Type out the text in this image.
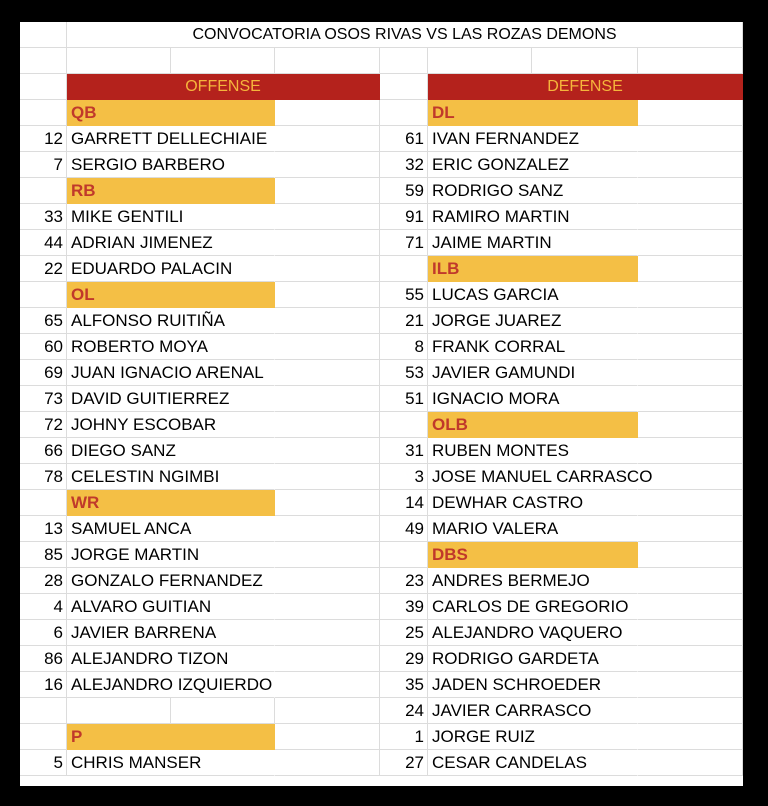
CONVOCATORIA OSOS RIVAS VS LAS ROZAS DEMONS
OFFENSE	DEFENSE
QB
12 GARRETT DELLECHIAIE
7 SERGIO BARBERO
RB
33 MIKE GENTILI
44 ADRIAN JIMENEZ
22 EDUARDO PALACIN
OL
65 ALFONSO RUITIÑA
60 ROBERTO MOYA
69 JUAN IGNACIO ARENAL
73 DAVID GUITIERREZ
72 JOHNY ESCOBAR
66 DIEGO SANZ
78 CELESTIN NGIMBI
WR
13 SAMUEL ANCA
85 JORGE MARTIN
28 GONZALO FERNANDEZ
4 ALVARO GUITIAN
6 JAVIER BARRENA
86 ALEJANDRO TIZON
16 ALEJANDRO IZQUIERDO
P
5 CHRIS MANSER
DL
61 IVAN FERNANDEZ
32 ERIC GONZALEZ
59 RODRIGO SANZ
91 RAMIRO MARTIN
71 JAIME MARTIN
ILB
55 LUCAS GARCIA
21 JORGE JUAREZ
8 FRANK CORRAL
53 JAVIER GAMUNDI
51 IGNACIO MORA
OLB
31 RUBEN MONTES
3 JOSE MANUEL CARRASCO
14 DEWHAR CASTRO
49 MARIO VALERA
DBS
23 ANDRES BERMEJO
39 CARLOS DE GREGORIO
25 ALEJANDRO VAQUERO
29 RODRIGO GARDETA
35 JADEN SCHROEDER
24 JAVIER CARRASCO
1 JORGE RUIZ
27 CESAR CANDELAS
